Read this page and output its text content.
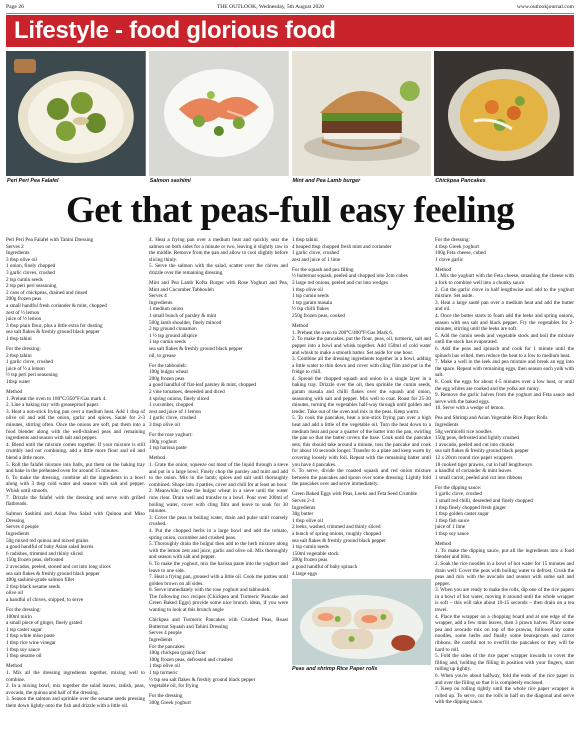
Page 26	THE OUTLOOK, Wednesday, 5th August 2020	www.outlookjournal.com
Lifestyle - food glorious food
Peri Peri Pea Falafel	Salmon sashimi	Mint and Pea Lamb burger	Chickpea Pancakes
Get that peas-full easy feeling

Peri Peri Pea Falafel with Tahini Dressing

Serves 2

Ingredients

3 tbsp olive oil

1 onion, finely chopped

3 garlic cloves, crushed

2 tsp cumin seeds

2 tsp peri peri seasoning

2 cans of chickpeas, drained and rinsed

200g frozen peas

a small handful fresh coriander & mint, chopped

zest of ½ lemon

juice of ½ lemon

3 tbsp plain flour, plus a little extra for dusting

sea salt flakes & freshly ground black pepper

1 tbsp tahini

For the dressing:

2 tbsp tahini

1 garlic clove, crushed

juice of ½ a lemon

½ tsp peri peri seasoning

1tbsp water

Method

1. Preheat the oven to 180°C/350°F/Gas mark 4.

2. Line a baking tray with greaseproof paper.

3. Heat a non-stick frying pan over a medium heat. Add 1 tbsp of olive oil and add the onion, garlic and spices. Sauté for 2-3 minutes, stirring often. Once the onions are soft, put them into a food blender along with the well-drained peas and remaining ingredients and season with salt and pepper.

4. Blend until the mixture comes together. If your mixture is still crumbly and not combining, add a little more flour and oil and blend a little more.

5. Roll the falafel mixture into balls, put them on the baking tray and bake in the preheated oven for around 15 minutes.

6. To make the dressing, combine all the ingredients in a bowl along with 3 tbsp cold water and season with salt and pepper. Whisk until smooth.

7. Drizzle the falafel with the dressing and serve with grilled flatbreads.

Salmon Sashimi and Asian Pea Salad with Quinoa and Miso Dressing

Serves 4 people

Ingredients

50g mixed red quinoa and mixed grains

a good handful of baby Asian salad leaves

6 radishes, trimmed and thinly sliced

150g frozen peas, defrosted

2 avocados, peeled, stoned and cut into long slices

sea salt flakes & freshly ground black pepper

400g sashimi-grade salmon fillet

2 tbsp black sesame seeds

olive oil

a handful of chives, snipped, to serve

For the dressing:

100ml mirin

a small piece of ginger, finely grated

1 tsp caster sugar

1 tbsp white miso paste

1 tbsp rice wine vinegar

1 tbsp soy sauce

1 tbsp sesame oil

Method

1. Mix all the dressing ingredients together, mixing well to combine.

2. In a mixing bowl, mix together the salad leaves, radish, peas, avocado, the quinoa and half of the dressing.

3. Season the salmon and sprinkle over the sesame seeds pressing them down lightly onto the fish and drizzle with a little oil.

4. Heat a frying pan over a medium heat and quickly sear the salmon on both sides for a minute or two, leaving it slightly raw in the middle. Remove from the pan and allow to cool slightly before slicing thinly.

5. Serve the salmon with the salad, scatter over the chives and drizzle over the remaining dressing.

Mint and Pea Lamb Kofta Burger with Rose Yoghurt and Pea, Mint and Cucumber Tabbouleh

Serves 4

Ingredients

1 medium onion

1 small bunch of parsley & mint

500g lamb shoulder, finely minced

2 tsp ground cinnamon

1 ½ tsp ground allspice

1 tsp cumin seeds

sea salt flakes & freshly ground black pepper

oil, to grease

For the tabbouleh:

100g bulgur wheat

200g frozen peas

a good handful of flat-leaf parsley & mint, chopped

2 vine tomatoes, deseeded and diced

4 spring onions, finely sliced

1 cucumber, chopped

zest and juice of 1 lemon

1 garlic clove, crushed

3 tbsp olive oil

For the rose yoghurt:

100g yoghurt

1 tsp harissa paste

Method

1. Grate the onion, squeeze out most of the liquid through a sieve and put in a large bowl. Finely chop the parsley and mint and add to the onion. Mix in the lamb, spices and salt until thoroughly combined. Shape into 4 patties, cover and chill for at least an hour.

2. Meanwhile, rinse the bulgur wheat in a sieve until the water runs clear. Drain well and transfer to a bowl. Pour over 200ml of boiling water, cover with cling film and leave to soak for 30 minutes.

3. Cover the peas in boiling water, drain and pulse until coarsely crushed.

4. Put the chopped herbs in a large bowl and add the tomato, spring onion, cucumber and crushed peas.

5. Thoroughly drain the bulgur then add to the herb mixture along with the lemon zest and juice, garlic and olive oil. Mix thoroughly and season with salt and pepper.

6. To make the yoghurt, mix the harissa paste into the yoghurt and leave to one side.

7. Heat a frying pan, greased with a little oil. Cook the patties until golden brown on all sides.

8. Serve immediately with the rose yoghurt and tabbouleh.

The following two recipes (Chickpea and Turmeric Pancake and Green Baked Eggs) provide some nice brunch ideas, if you were wanting to look at this brunch angle

Chickpea and Turmeric Pancakes with Crushed Peas, Roast Butternut Squash and Tahini Dressing

Serves 4 people

Ingredients

For the pancakes:

100g chickpea (gram) flour

100g frozen peas, defrosted and crushed

1 tbsp olive oil

1 tsp turmeric

½ tsp sea salt flakes & freshly ground black pepper

vegetable oil, for frying

For the dressing

300g Greek yoghurt

1 tbsp tahini

4 heaped tbsp chopped fresh mint and coriander

1 garlic clove, crushed

zest and juice of 1 lime

For the squash and pea filling

½ butternut squash, peeled and chopped into 2cm cubes

3 large red onions, peeled and cut into wedges

1 tbsp olive oil

1 tsp cumin seeds

1 tsp garam masala

½ tsp chilli flakes

250g frozen peas, cooked

Method

1. Preheat the oven to 200°C/400°F/Gas Mark 6.

2. To make the pancakes, put the flour, peas, oil, turmeric, salt and pepper into a bowl and whisk together. Add 150ml of cold water and whisk to make a smooth batter. Set aside for one hour.

3. Combine all the dressing ingredients together in a bowl, adding a little water to thin down and cover with cling film and put in the fridge to chill.

4. Spread the chopped squash and onion in a single layer in a baking tray. Drizzle over the oil, then sprinkle the cumin seeds, garam masala and chilli flakes over the squash and onion, seasoning with salt and pepper. Mix well to coat. Roast for 25-30 minutes, turning the vegetables half-way through until golden and tender. Take out of the oven and mix in the peas. Keep warm.

5. To cook the pancakes, heat a non-stick frying pan over a high heat and add a little of the vegetable oil. Turn the heat down to a medium heat and pour a quarter of the batter into the pan, swirling the pan so that the batter covers the base. Cook until the pancake sets, this should take around a minute, toss the pancake and cook for about 10 seconds longer. Transfer to a plate and keep warm by covering loosely with foil. Repeat with the remaining batter until you have 4 pancakes.

6. To serve, divide the roasted squash and red onion mixture between the pancakes and spoon over some dressing. Lightly fold the pancakes over and serve immediately.

Green Baked Eggs with Peas, Leeks and Feta Seed Crumble

Serves 2-4

Ingredients

30g butter

1 tbsp olive oil

2 leeks, washed, trimmed and thinly sliced

a bunch of spring onions, roughly chopped

sea salt flakes & freshly ground black pepper

1 tsp cumin seeds

150ml vegetable stock

200g frozen peas

a good handful of baby spinach

4 large eggs

Peas and shrimp Rice Paper rolls

For the dressing:

4 tbsp Greek yoghurt

100g Feta cheese, cubed

1 clove garlic

Method

1. Mix the yoghurt with the Feta cheese, smashing the cheese with a fork to combine well into a chunky sauce.

2. Cut the garlic clove in half lengthwise and add to the yoghurt mixture. Set aside.

3. Heat a large sauté pan over a medium heat and add the butter and oil.

4. Once the butter starts to foam add the leeks and spring onions, season with sea salt and black pepper. Fry the vegetables for 2-minutes, stirring until the leeks are soft.

5. Add the cumin seeds and vegetable stock and boil the mixture until the stock has evaporated.

6. Add the peas and spinach and cook for 1 minute until the spinach has wilted, then reduce the heat to a low to medium heat.

7. Make a well in the leek and pea mixture and break an egg into the space. Repeat with remaining eggs, then season each yolk with salt.

8. Cook the eggs for about 4-5 minutes over a low heat, or until the egg whites are cooked and the yolks are runny.

9. Remove the garlic halves from the yoghurt and Feta sauce and serve with the baked eggs.

10. Serve with a wedge of lemon.

Pea and Shrimp and Asian Vegetable Rice Paper Rolls

Ingredients

50g vermicelli rice noodles

150g peas, defrosted and lightly crushed

1 avocado, peeled and cut into chunks

sea salt flakes & freshly ground black pepper

12 x 20cm round rice paper wrappers

18 cooked tiger prawns, cut in half lengthways

a handful of coriander & mint leaves

1 small carrot, peeled and cut into ribbons

For the dipping sauce:

1 garlic clove, crushed

1 small red chilli, deseeded and finely chopped

1 tbsp finely chopped fresh ginger

1 tbsp golden caster sugar

1 tbsp fish sauce

juice of 1 lime

1 tbsp soy sauce

Method

1. To make the dipping sauce, put all the ingredients into a food blender and blitz.

2. Soak the rice noodles in a bowl of hot water for 15 minutes and drain well. Cover the peas with boiling water to defrost. Crush the peas and mix with the avocado and season with some salt and pepper.

3. When you are ready to make the rolls, dip one of the rice papers in a bowl of hot water, moving it around until the whole wrapper is soft – this will take about 10-15 seconds – then drain on a tea towel.

4. Place the wrapper on a chopping board and at one edge of the wrapper, add a few mint leaves, then 3 prawn halves. Place some pea and avocado mix on top of the prawns, followed by some noodles, some herbs and finally some beansprouts and carrot ribbons. Be careful not to overfill the pancakes or they will be hard to roll.

5. Fold the sides of the rice paper wrapper inwards to cover the filling and, holding the filling in position with your fingers, start rolling up tightly.

6. When you're about halfway, fold the ends of the rice paper in and over the filling so that it is completely enclosed.

7. Keep on rolling tightly until the whole rice paper wrapper is rolled up. To serve, cut the rolls in half on the diagonal and serve with the dipping sauce.
